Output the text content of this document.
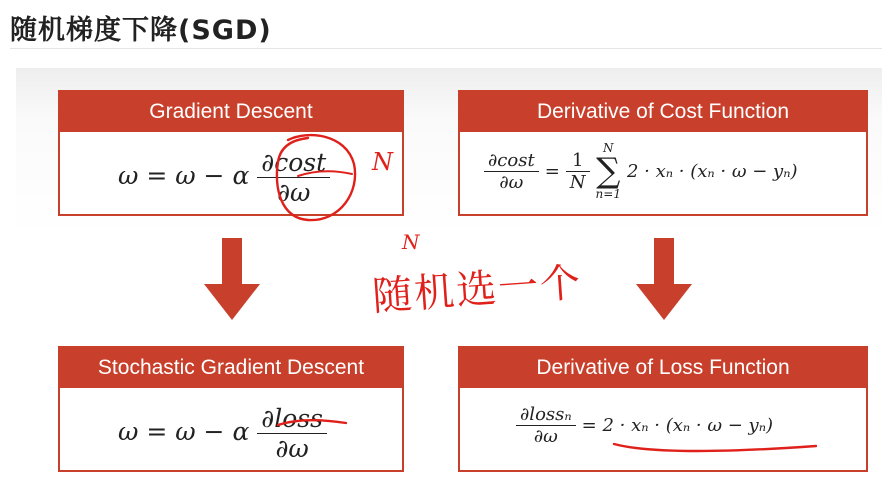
随机梯度下降(SGD)
Gradient Descent
ω = ω − α $\frac{\partial\cos t}{\partial\omega}$
Derivative of Cost Function
$\frac{\partial\cos t}{\partial\omega} = \frac{1}{N}$
N
∑
n=1
2 · xₙ · (xₙ · ω − yₙ)
Stochastic Gradient Descent
ω = ω − α $\frac{\text{∂loss}}{\partial\omega}$
Derivative of Loss Function
$\frac{\text{∂lossₙ}}{\partial\omega} = 2 \cdot x_n \cdot (x_n \cdot \omega - y_n)$
N
N
随机选一个
